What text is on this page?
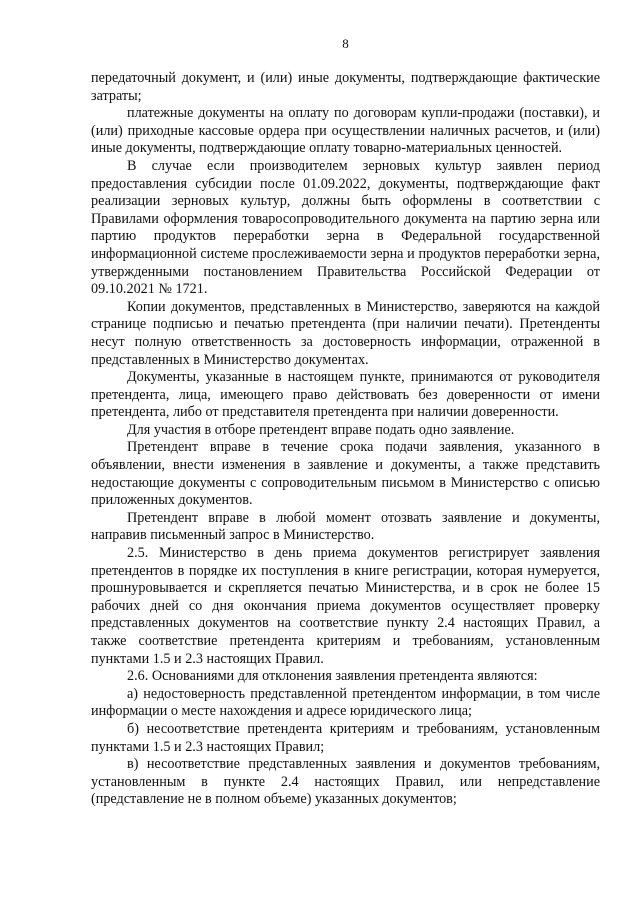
8

передаточный документ, и (или) иные документы, подтверждающие фактические затраты;

платежные документы на оплату по договорам купли-продажи (поставки), и (или) приходные кассовые ордера при осуществлении наличных расчетов, и (или) иные документы, подтверждающие оплату товарно-материальных ценностей.

В случае если производителем зерновых культур заявлен период предоставления субсидии после 01.09.2022, документы, подтверждающие факт реализации зерновых культур, должны быть оформлены в соответствии с Правилами оформления товаросопроводительного документа на партию зерна или партию продуктов переработки зерна в Федеральной государственной информационной системе прослеживаемости зерна и продуктов переработки зерна, утвержденными постановлением Правительства Российской Федерации от 09.10.2021 № 1721.

Копии документов, представленных в Министерство, заверяются на каждой странице подписью и печатью претендента (при наличии печати). Претенденты несут полную ответственность за достоверность информации, отраженной в представленных в Министерство документах.

Документы, указанные в настоящем пункте, принимаются от руководителя претендента, лица, имеющего право действовать без доверенности от имени претендента, либо от представителя претендента при наличии доверенности.

Для участия в отборе претендент вправе подать одно заявление.

Претендент вправе в течение срока подачи заявления, указанного в объявлении, внести изменения в заявление и документы, а также представить недостающие документы с сопроводительным письмом в Министерство с описью приложенных документов.

Претендент вправе в любой момент отозвать заявление и документы, направив письменный запрос в Министерство.

2.5. Министерство в день приема документов регистрирует заявления претендентов в порядке их поступления в книге регистрации, которая нумеруется, прошнуровывается и скрепляется печатью Министерства, и в срок не более 15 рабочих дней со дня окончания приема документов осуществляет проверку представленных документов на соответствие пункту 2.4 настоящих Правил, а также соответствие претендента критериям и требованиям, установленным пунктами 1.5 и 2.3 настоящих Правил.

2.6. Основаниями для отклонения заявления претендента являются:

а) недостоверность представленной претендентом информации, в том числе информации о месте нахождения и адресе юридического лица;

б) несоответствие претендента критериям и требованиям, установленным пунктами 1.5 и 2.3 настоящих Правил;

в) несоответствие представленных заявления и документов требованиям, установленным в пункте 2.4 настоящих Правил, или непредставление (представление не в полном объеме) указанных документов;
